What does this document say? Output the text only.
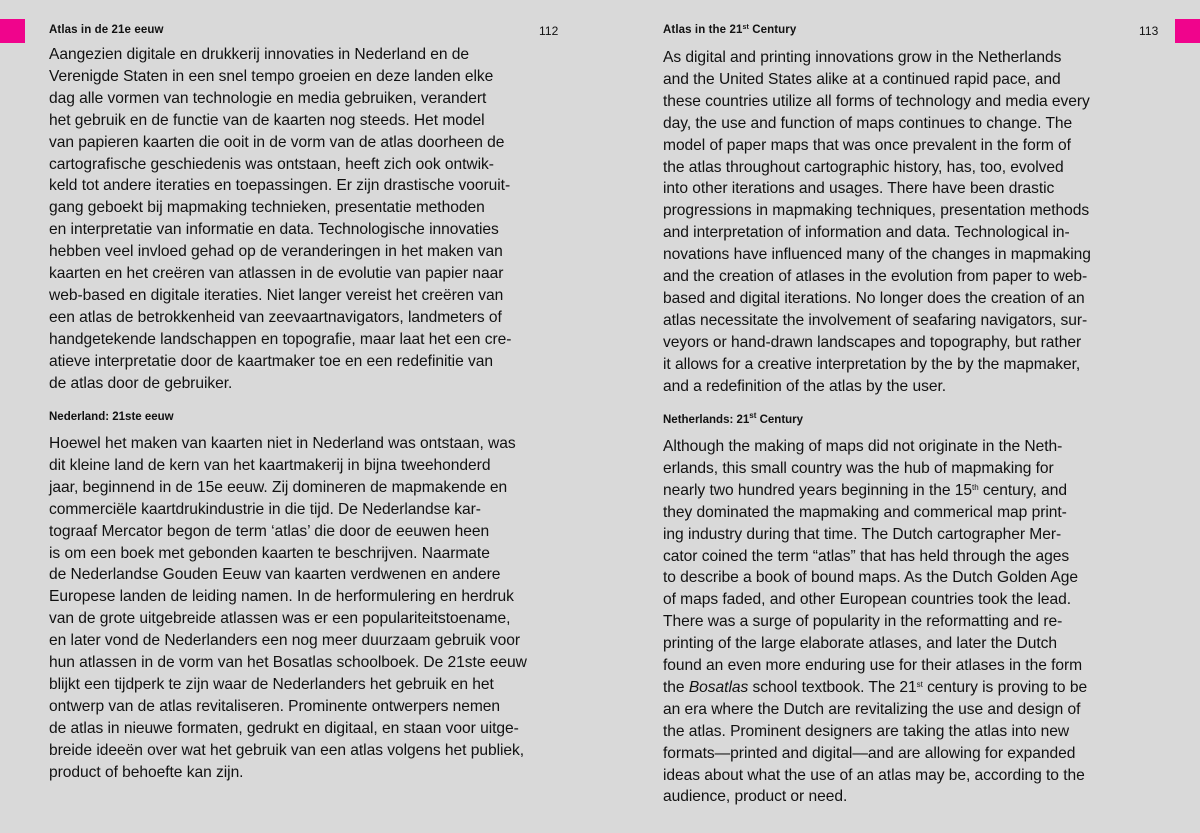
Atlas in de 21e eeuw	112
Aangezien digitale en drukkerij innovaties in Nederland en de
Verenigde Staten in een snel tempo groeien en deze landen elke
dag alle vormen van technologie en media gebruiken, verandert
het gebruik en de functie van de kaarten nog steeds. Het model
van papieren kaarten die ooit in de vorm van de atlas doorheen de
cartografische geschiedenis was ontstaan, heeft zich ook ontwik-
keld tot andere iteraties en toepassingen. Er zijn drastische vooruit-
gang geboekt bij mapmaking technieken, presentatie methoden
en interpretatie van informatie en data. Technologische innovaties
hebben veel invloed gehad op de veranderingen in het maken van
kaarten en het creëren van atlassen in de evolutie van papier naar
web-based en digitale iteraties. Niet langer vereist het creëren van
een atlas de betrokkenheid van zeevaartnavigators, landmeters of
handgetekende landschappen en topografie, maar laat het een cre-
atieve interpretatie door de kaartmaker toe en een redefinitie van
de atlas door de gebruiker.
Nederland: 21ste eeuw
Hoewel het maken van kaarten niet in Nederland was ontstaan, was
dit kleine land de kern van het kaartmakerij in bijna tweehonderd
jaar, beginnend in de 15e eeuw. Zij domineren de mapmakende en
commerciële kaartdrukindustrie in die tijd. De Nederlandse kar-
tograaf Mercator begon de term ‘atlas’ die door de eeuwen heen
is om een boek met gebonden kaarten te beschrijven. Naarmate
de Nederlandse Gouden Eeuw van kaarten verdwenen en andere
Europese landen de leiding namen. In de herformulering en herdruk
van de grote uitgebreide atlassen was er een populariteitstoename,
en later vond de Nederlanders een nog meer duurzaam gebruik voor
hun atlassen in de vorm van het Bosatlas schoolboek. De 21ste eeuw
blijkt een tijdperk te zijn waar de Nederlanders het gebruik en het
ontwerp van de atlas revitaliseren. Prominente ontwerpers nemen
de atlas in nieuwe formaten, gedrukt en digitaal, en staan voor uitge-
breide ideeën over wat het gebruik van een atlas volgens het publiek,
product of behoefte kan zijn.
Atlas in the 21st Century	113
As digital and printing innovations grow in the Netherlands
and the United States alike at a continued rapid pace, and
these countries utilize all forms of technology and media every
day, the use and function of maps continues to change. The
model of paper maps that was once prevalent in the form of
the atlas throughout cartographic history, has, too, evolved
into other iterations and usages. There have been drastic
progressions in mapmaking techniques, presentation methods
and interpretation of information and data. Technological in-
novations have influenced many of the changes in mapmaking
and the creation of atlases in the evolution from paper to web-
based and digital iterations. No longer does the creation of an
atlas necessitate the involvement of seafaring navigators, sur-
veyors or hand-drawn landscapes and topography, but rather
it allows for a creative interpretation by the by the mapmaker,
and a redefinition of the atlas by the user.
Netherlands: 21st Century
Although the making of maps did not originate in the Neth-
erlands, this small country was the hub of mapmaking for
nearly two hundred years beginning in the 15th century, and
they dominated the mapmaking and commerical map print-
ing industry during that time. The Dutch cartographer Mer-
cator coined the term “atlas” that has held through the ages
to describe a book of bound maps. As the Dutch Golden Age
of maps faded, and other European countries took the lead.
There was a surge of popularity in the reformatting and re-
printing of the large elaborate atlases, and later the Dutch
found an even more enduring use for their atlases in the form
the Bosatlas school textbook. The 21st century is proving to be
an era where the Dutch are revitalizing the use and design of
the atlas. Prominent designers are taking the atlas into new
formats—printed and digital—and are allowing for expanded
ideas about what the use of an atlas may be, according to the
audience, product or need.
